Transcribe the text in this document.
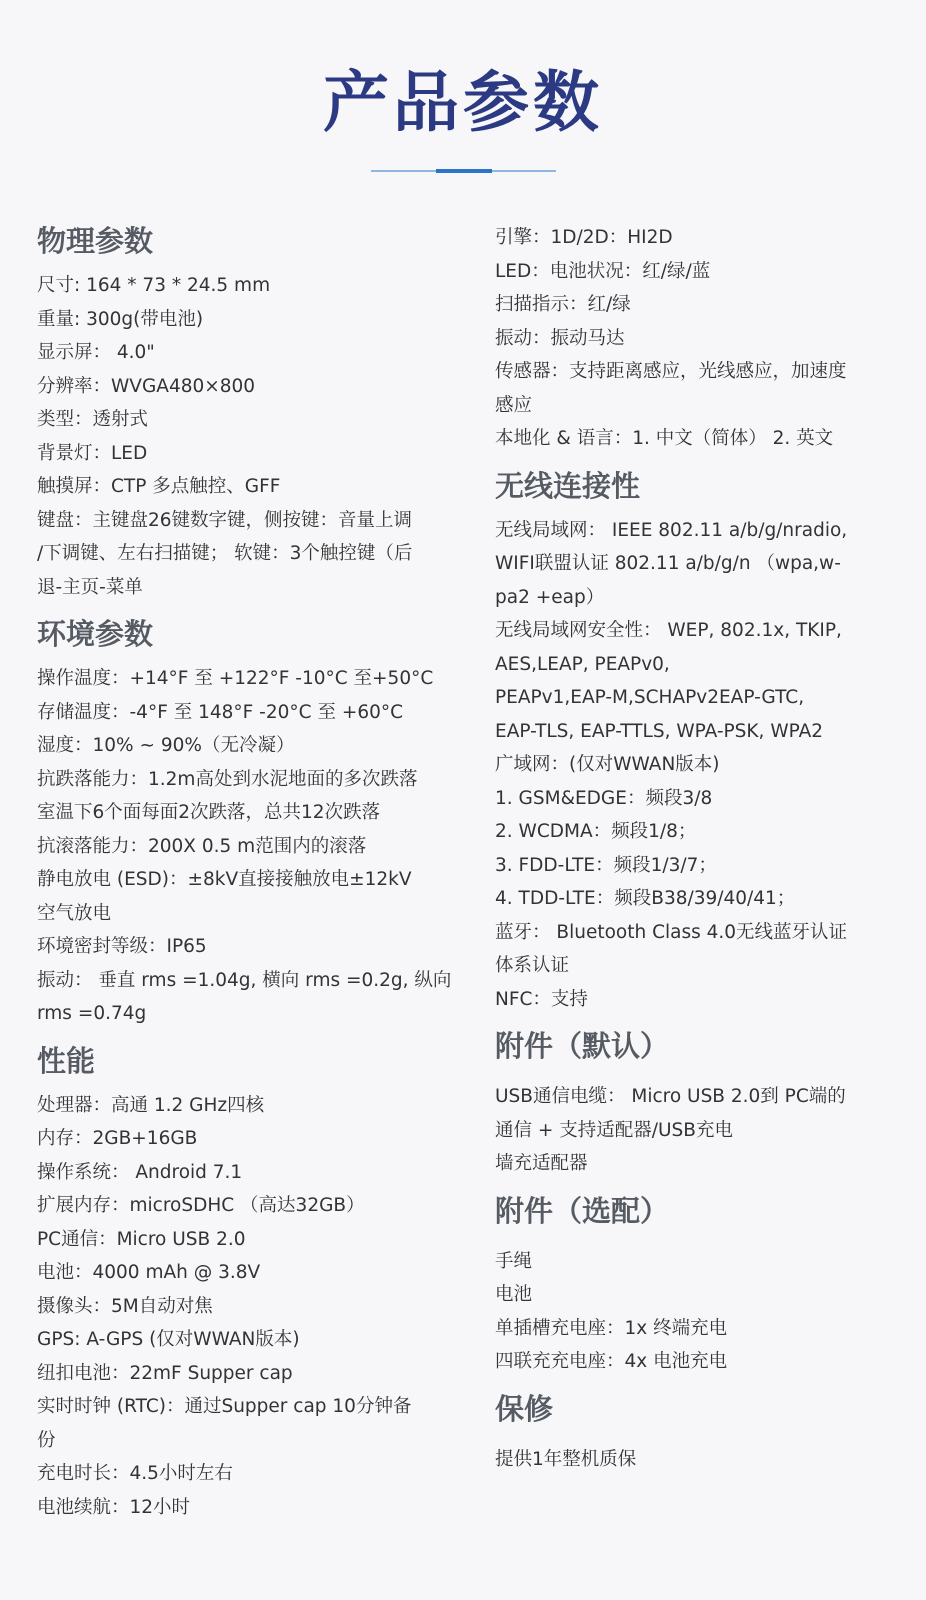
产品参数
物理参数

尺寸: 164 * 73 * 24.5 mm

重量: 300g(带电池)

显示屏： 4.0"

分辨率：WVGA480×800

类型：透射式

背景灯：LED

触摸屏：CTP 多点触控、GFF

键盘：主键盘26键数字键，侧按键：音量上调

/下调键、左右扫描键； 软键：3个触控键（后

退-主页-菜单

环境参数

操作温度：+14°F 至 +122°F -10°C 至+50°C

存储温度：-4°F 至 148°F -20°C 至 +60°C

湿度：10% ~ 90%（无冷凝）

抗跌落能力：1.2m高处到水泥地面的多次跌落

室温下6个面每面2次跌落，总共12次跌落

抗滚落能力：200X 0.5 m范围内的滚落

静电放电 (ESD)：±8kV直接接触放电±12kV

空气放电

环境密封等级：IP65

振动： 垂直 rms =1.04g, 横向 rms =0.2g, 纵向

rms =0.74g

性能

处理器：高通 1.2 GHz四核

内存：2GB+16GB

操作系统： Android 7.1

扩展内存：microSDHC （高达32GB）

PC通信：Micro USB 2.0

电池：4000 mAh @ 3.8V

摄像头：5M自动对焦

GPS: A-GPS (仅对WWAN版本)

纽扣电池：22mF Supper cap

实时时钟 (RTC)：通过Supper cap 10分钟备

份

充电时长：4.5小时左右

电池续航：12小时

引擎：1D/2D：HI2D

LED：电池状况：红/绿/蓝

扫描指示：红/绿

振动：振动马达

传感器：支持距离感应，光线感应，加速度

感应

本地化 & 语言：1. 中文（简体） 2. 英文

无线连接性

无线局域网： IEEE 802.11 a/b/g/nradio,

WIFI联盟认证 802.11 a/b/g/n （wpa,w-

pa2 +eap）

无线局域网安全性： WEP, 802.1x, TKIP,

AES,LEAP, PEAPv0,

PEAPv1,EAP-M,SCHAPv2EAP-GTC,

EAP-TLS, EAP-TTLS, WPA-PSK, WPA2

广域网：(仅对WWAN版本)

1. GSM&EDGE：频段3/8

2. WCDMA：频段1/8；

3. FDD-LTE：频段1/3/7；

4. TDD-LTE：频段B38/39/40/41；

蓝牙： Bluetooth Class 4.0无线蓝牙认证

体系认证

NFC：支持

附件（默认）

USB通信电缆： Micro USB 2.0到 PC端的

通信 + 支持适配器/USB充电

墙充适配器

附件（选配）

手绳

电池

单插槽充电座：1x 终端充电

四联充充电座：4x 电池充电

保修

提供1年整机质保
